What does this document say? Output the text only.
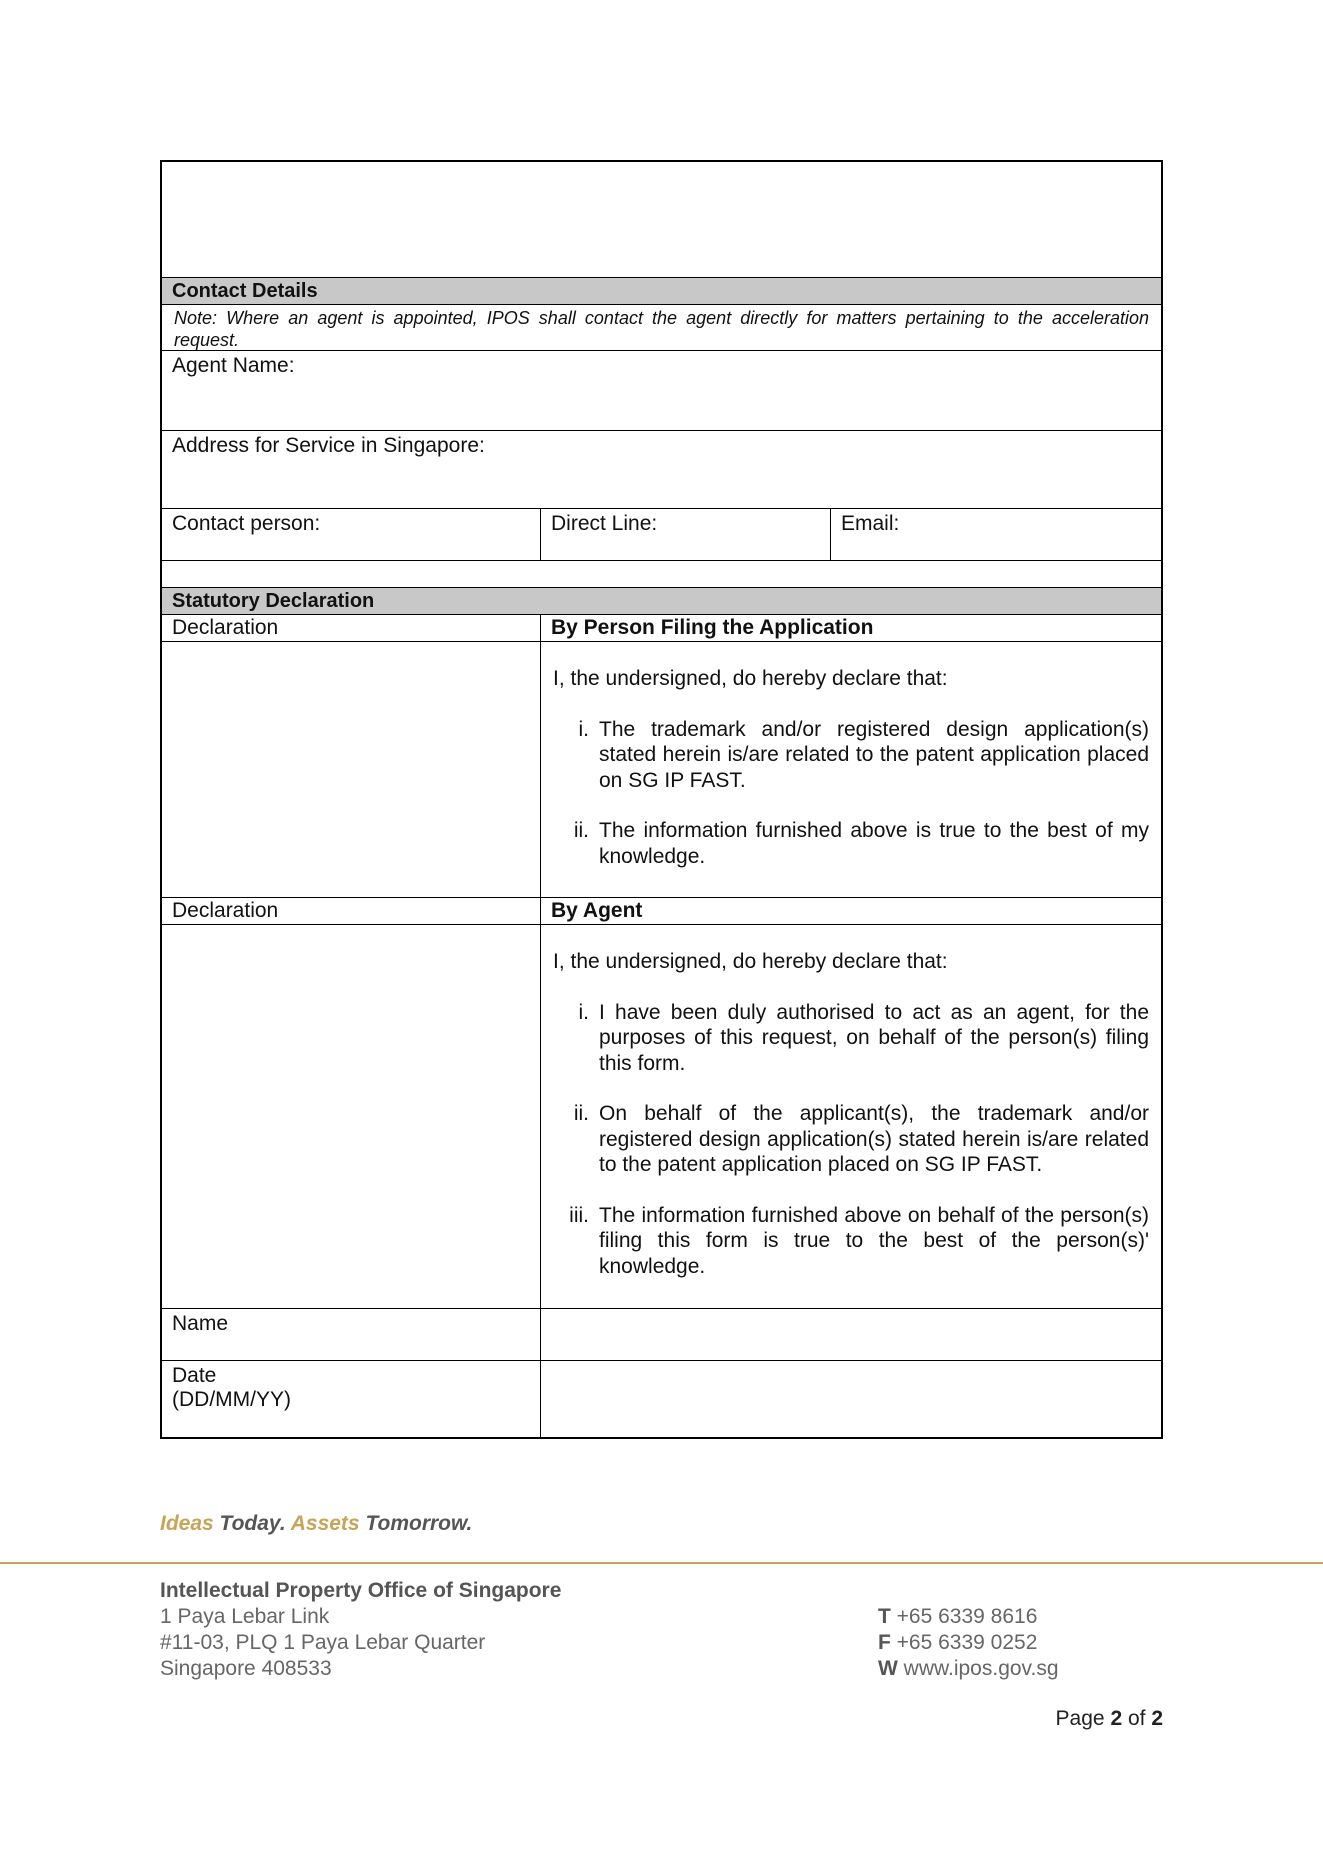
Contact Details
Note: Where an agent is appointed, IPOS shall contact the agent directly for matters pertaining to the acceleration request.
Agent Name:
Address for Service in Singapore:
Contact person:	Direct Line:	Email:
Statutory Declaration
Declaration	By Person Filing the Application
I, the undersigned, do hereby declare that:
i. The trademark and/or registered design application(s) stated herein is/are related to the patent application placed on SG IP FAST.
ii. The information furnished above is true to the best of my knowledge.
Declaration	By Agent
I, the undersigned, do hereby declare that:
i. I have been duly authorised to act as an agent, for the purposes of this request, on behalf of the person(s) filing this form.
ii. On behalf of the applicant(s), the trademark and/or registered design application(s) stated herein is/are related to the patent application placed on SG IP FAST.
iii. The information furnished above on behalf of the person(s) filing this form is true to the best of the person(s)' knowledge.
Name
Date
(DD/MM/YY)
Ideas Today. Assets Tomorrow.
Intellectual Property Office of Singapore
1 Paya Lebar Link
#11-03, PLQ 1 Paya Lebar Quarter
Singapore 408533
T +65 6339 8616
F +65 6339 0252
W www.ipos.gov.sg
Page 2 of 2
